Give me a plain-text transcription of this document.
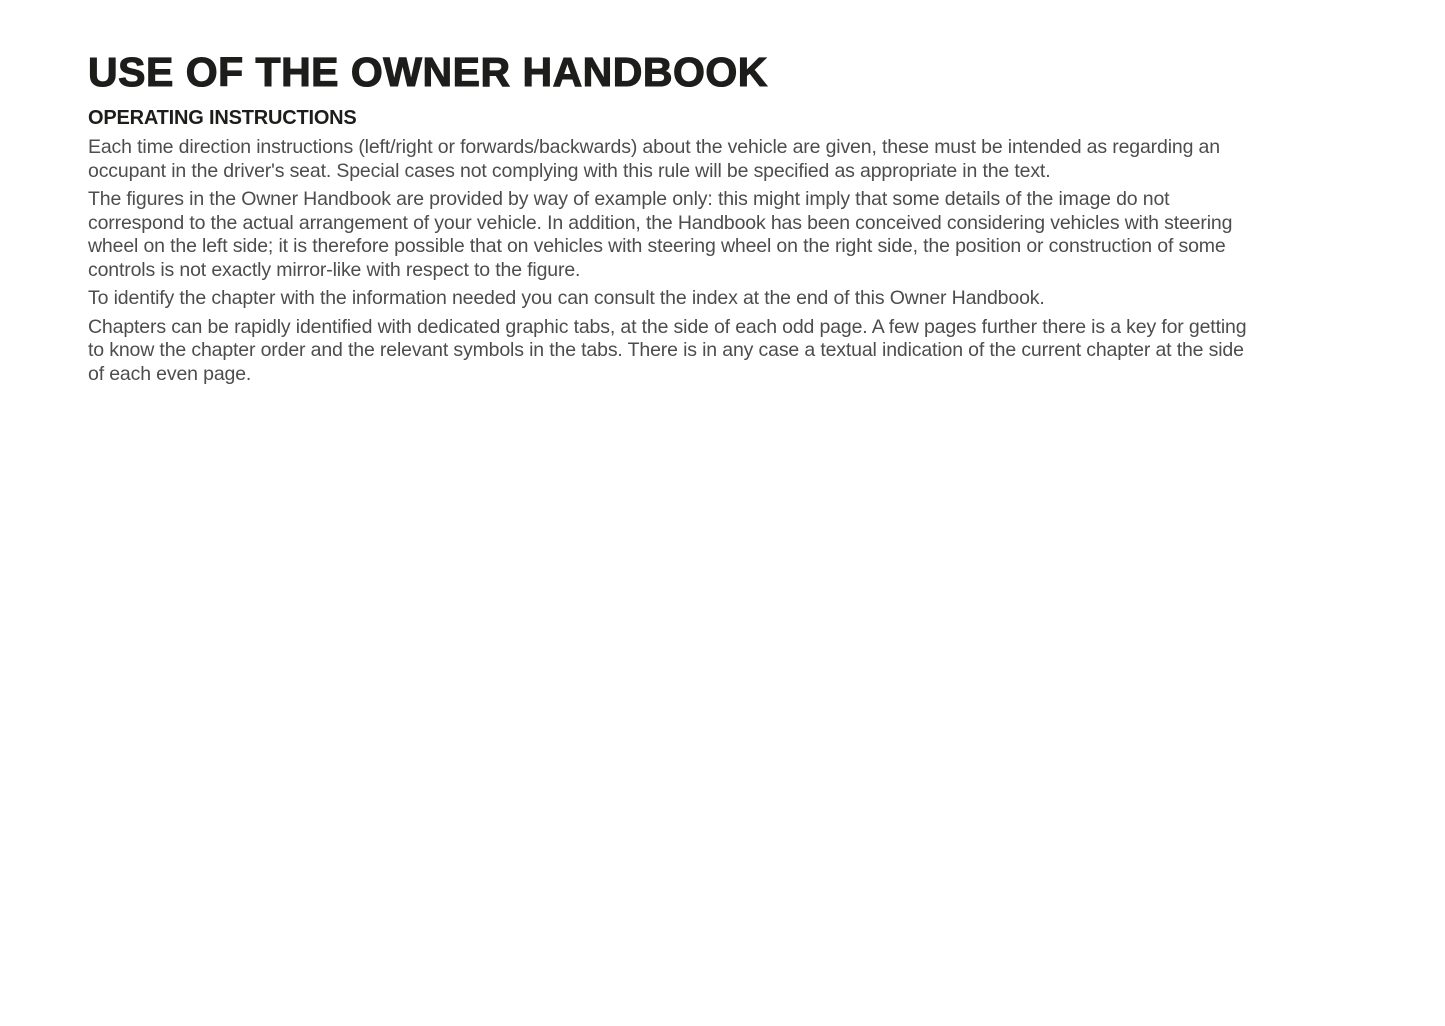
USE OF THE OWNER HANDBOOK
OPERATING INSTRUCTIONS

Each time direction instructions (left/right or forwards/backwards) about the vehicle are given, these must be intended as regarding an occupant in the driver's seat. Special cases not complying with this rule will be specified as appropriate in the text.

The figures in the Owner Handbook are provided by way of example only: this might imply that some details of the image do not correspond to the actual arrangement of your vehicle. In addition, the Handbook has been conceived considering vehicles with steering wheel on the left side; it is therefore possible that on vehicles with steering wheel on the right side, the position or construction of some controls is not exactly mirror-like with respect to the figure.

To identify the chapter with the information needed you can consult the index at the end of this Owner Handbook.

Chapters can be rapidly identified with dedicated graphic tabs, at the side of each odd page. A few pages further there is a key for getting to know the chapter order and the relevant symbols in the tabs. There is in any case a textual indication of the current chapter at the side of each even page.
